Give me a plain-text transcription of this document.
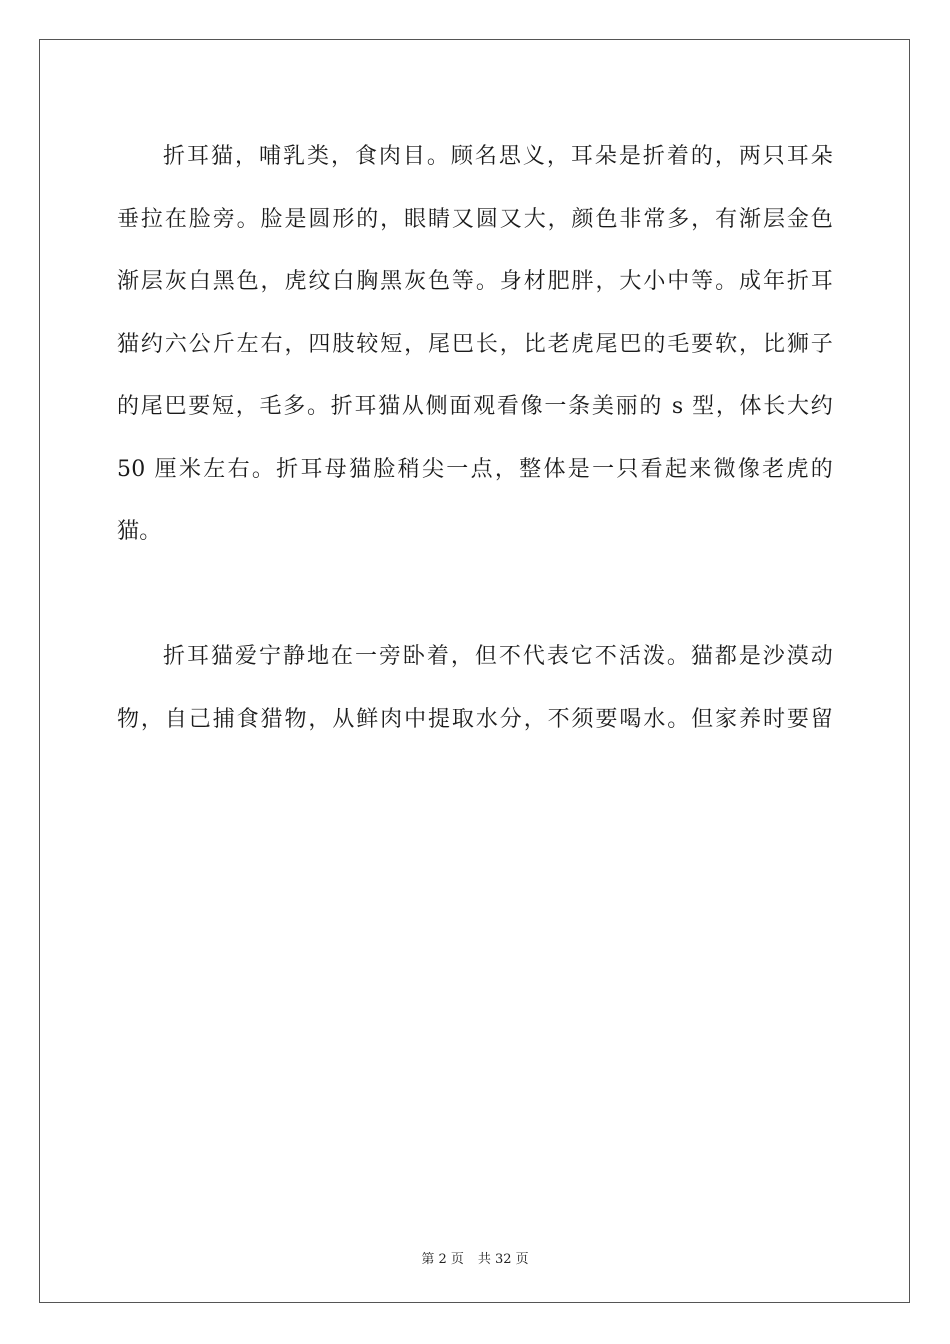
折耳猫，哺乳类，食肉目。顾名思义，耳朵是折着的，两只耳朵
垂拉在脸旁。脸是圆形的，眼睛又圆又大，颜色非常多，有渐层金色
渐层灰白黑色，虎纹白胸黑灰色等。身材肥胖，大小中等。成年折耳
猫约六公斤左右，四肢较短，尾巴长，比老虎尾巴的毛要软，比狮子
的尾巴要短，毛多。折耳猫从侧面观看像一条美丽的 s 型，体长大约
50 厘米左右。折耳母猫脸稍尖一点，整体是一只看起来微像老虎的
猫。
折耳猫爱宁静地在一旁卧着，但不代表它不活泼。猫都是沙漠动
物，自己捕食猎物，从鲜肉中提取水分，不须要喝水。但家养时要留
第 2 页 共 32 页
